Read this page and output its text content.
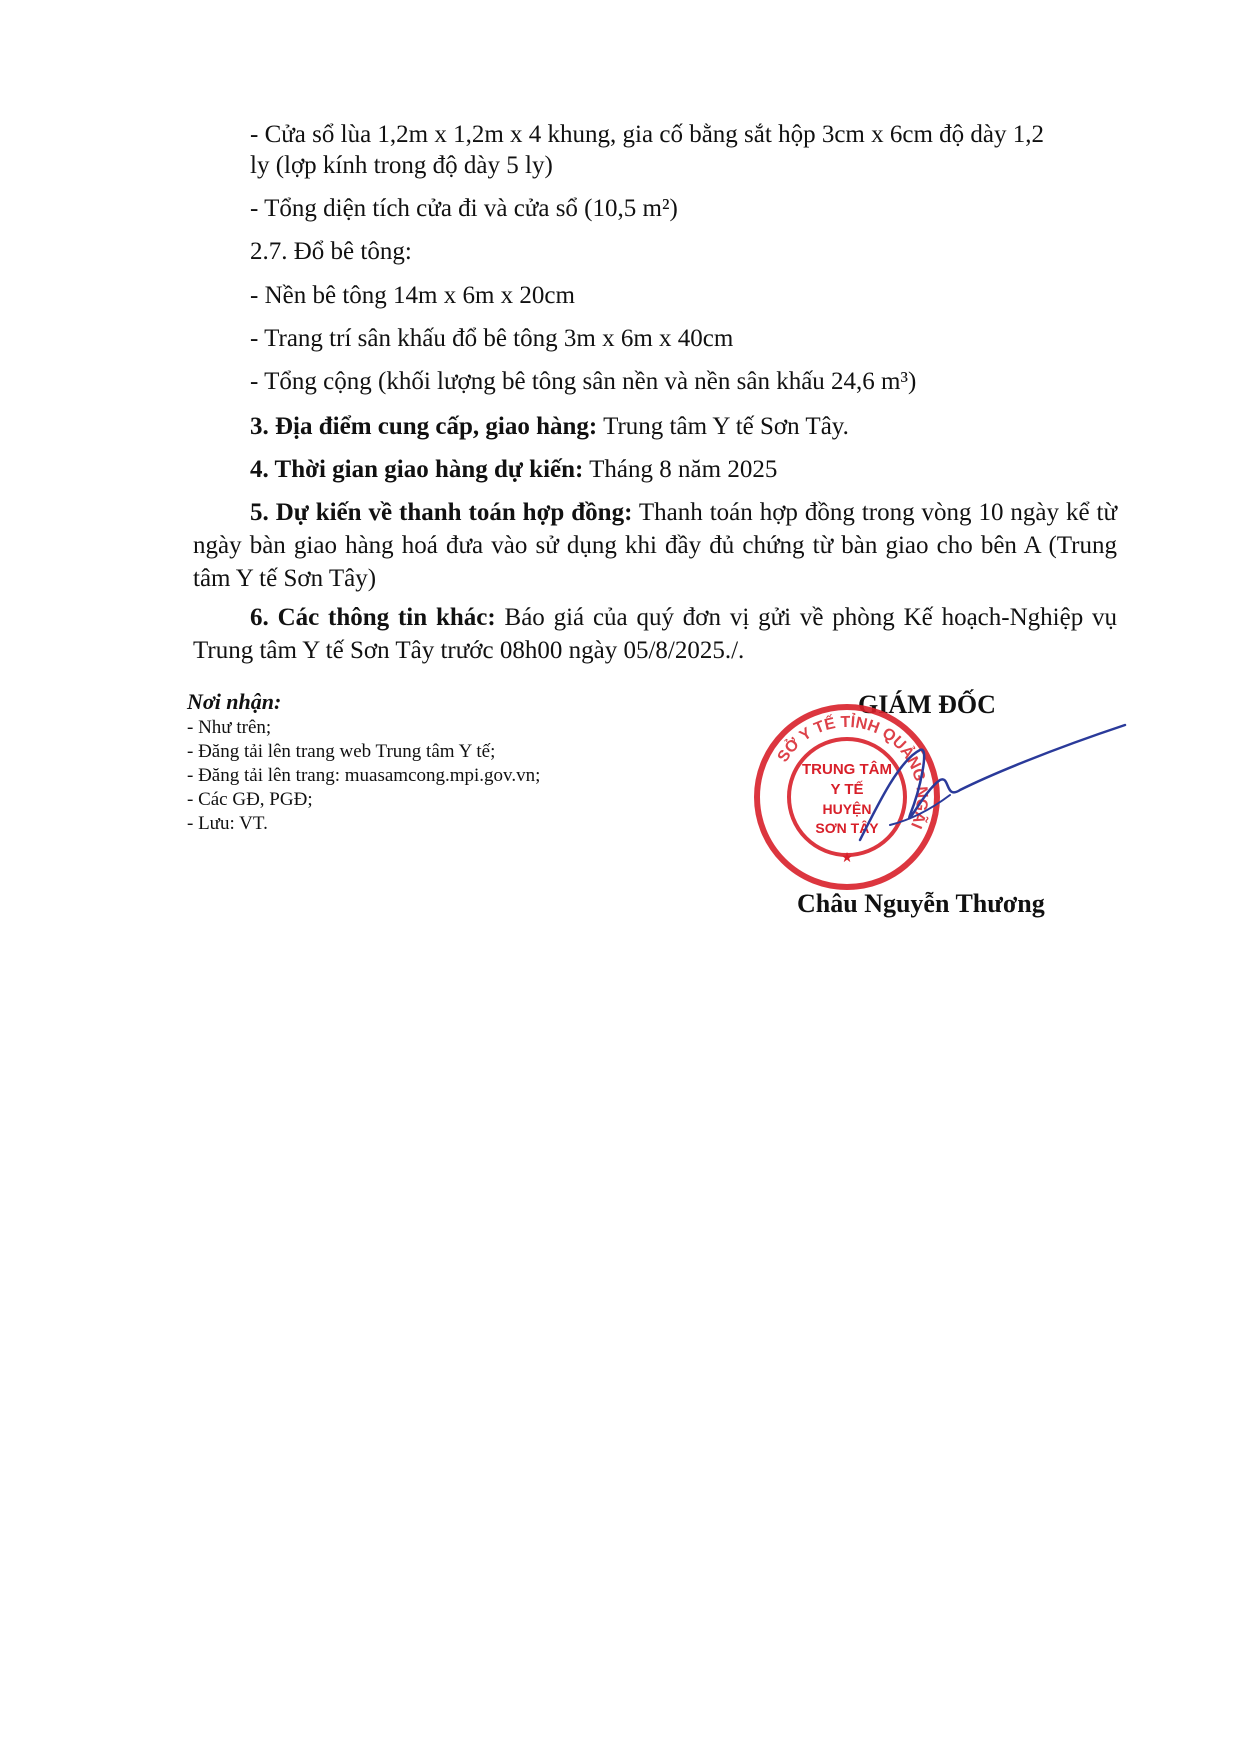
- Cửa sổ lùa 1,2m x 1,2m x 4 khung, gia cố bằng sắt hộp 3cm x 6cm độ dày 1,2
ly (lợp kính trong độ dày 5 ly)
- Tổng diện tích cửa đi và cửa sổ (10,5 m²)
2.7. Đổ bê tông:
- Nền bê tông 14m x 6m x 20cm
- Trang trí sân khấu đổ bê tông 3m x 6m x 40cm
- Tổng cộng (khối lượng bê tông sân nền và nền sân khấu 24,6 m³)
3. Địa điểm cung cấp, giao hàng: Trung tâm Y tế Sơn Tây.
4. Thời gian giao hàng dự kiến: Tháng 8 năm 2025
5. Dự kiến về thanh toán hợp đồng: Thanh toán hợp đồng trong vòng 10 ngày kể từ ngày bàn giao hàng hoá đưa vào sử dụng khi đầy đủ chứng từ bàn giao cho bên A (Trung tâm Y tế Sơn Tây)
6. Các thông tin khác: Báo giá của quý đơn vị gửi về phòng Kế hoạch-Nghiệp vụ Trung tâm Y tế Sơn Tây trước 08h00 ngày 05/8/2025./.
Nơi nhận:
- Như trên;
- Đăng tải lên trang web Trung tâm Y tế;
- Đăng tải lên trang: muasamcong.mpi.gov.vn;
- Các GĐ, PGĐ;
- Lưu: VT.
GIÁM ĐỐC
SỞ Y TẾ TỈNH QUẢNG NGÃI
TRUNG TÂM
Y TẾ
HUYỆN
SƠN TÂY
★
Châu Nguyễn Thương
